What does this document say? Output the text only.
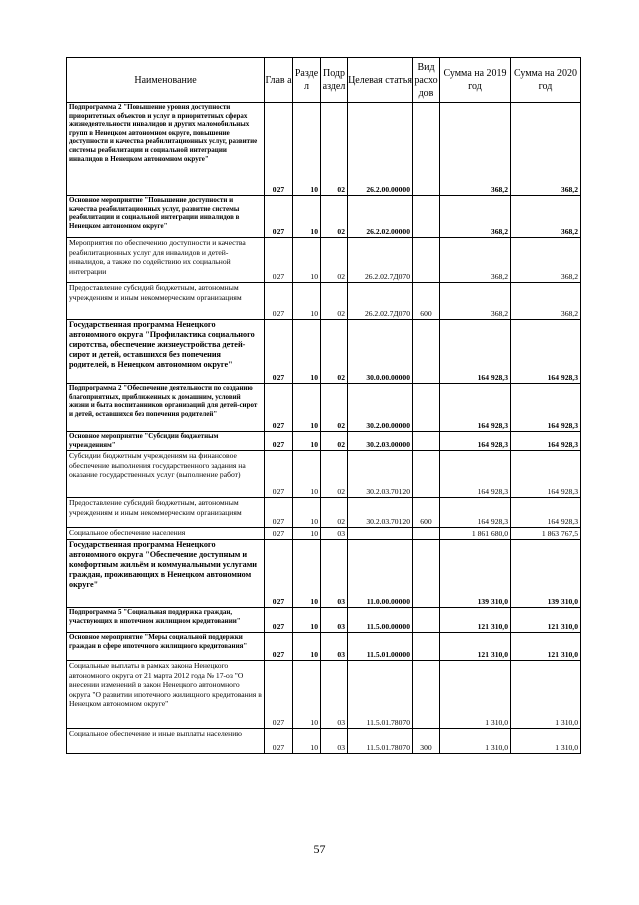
Наименование	Глав а	Разде л	Подр аздел	Целевая статья	Вид расхо дов	Сумма на 2019 год	Сумма на 2020 год
Подпрограмма 2 "Повышение уровня доступности приоритетных объектов и услуг в приоритетных сферах жизнедеятельности инвалидов и других маломобильных групп в Ненецком автономном округе, повышение доступности и качества реабилитационных услуг, развитие системы реабилитации и социальной интеграции инвалидов в Ненецком автономном округе"	027	10	02	26.2.00.00000		368,2	368,2
Основное мероприятие "Повышение доступности и качества реабилитационных услуг, развитие системы реабилитации и социальной интеграции инвалидов в Ненецком автономном округе"	027	10	02	26.2.02.00000		368,2	368,2
Мероприятия по обеспечению доступности и качества реабилитационных услуг для инвалидов и детей-инвалидов, а также по содействию их социальной интеграции	027	10	02	26.2.02.7Д070		368,2	368,2
Предоставление субсидий бюджетным, автономным учреждениям и иным некоммерческим организациям	027	10	02	26.2.02.7Д070	600	368,2	368,2
Государственная программа Ненецкого автономного округа "Профилактика социального сиротства, обеспечение жизнеустройства детей-сирот и детей, оставшихся без попечения родителей, в Ненецком автономном округе"	027	10	02	30.0.00.00000		164 928,3	164 928,3
Подпрограмма 2 "Обеспечение деятельности по созданию благоприятных, приближенных к домашним, условий жизни и быта воспитанников организаций для детей-сирот и детей, оставшихся без попечения родителей"	027	10	02	30.2.00.00000		164 928,3	164 928,3
Основное мероприятие "Субсидии бюджетным учреждениям"	027	10	02	30.2.03.00000		164 928,3	164 928,3
Субсидии бюджетным учреждениям на финансовое обеспечение выполнения государственного задания на оказание государственных услуг (выполнение работ)	027	10	02	30.2.03.70120		164 928,3	164 928,3
Предоставление субсидий бюджетным, автономным учреждениям и иным некоммерческим организациям	027	10	02	30.2.03.70120	600	164 928,3	164 928,3
Социальное обеспечение населения	027	10	03			1 861 680,0	1 863 767,5
Государственная программа Ненецкого автономного округа "Обеспечение доступным и комфортным жильём и коммунальными услугами граждан, проживающих в Ненецком автономном округе"	027	10	03	11.0.00.00000		139 310,0	139 310,0
Подпрограмма 5 "Социальная поддержка граждан, участвующих в ипотечном жилищном кредитовании"	027	10	03	11.5.00.00000		121 310,0	121 310,0
Основное мероприятие "Меры социальной поддержки граждан в сфере ипотечного жилищного кредитования"	027	10	03	11.5.01.00000		121 310,0	121 310,0
Социальные выплаты в рамках закона Ненецкого автономного округа от 21 марта 2012 года № 17-оз "О внесении изменений в закон Ненецкого автономного округа "О развитии ипотечного жилищного кредитования в Ненецком автономном округе"	027	10	03	11.5.01.78070		1 310,0	1 310,0
Социальное обеспечение и иные выплаты населению	027	10	03	11.5.01.78070	300	1 310,0	1 310,0
57
